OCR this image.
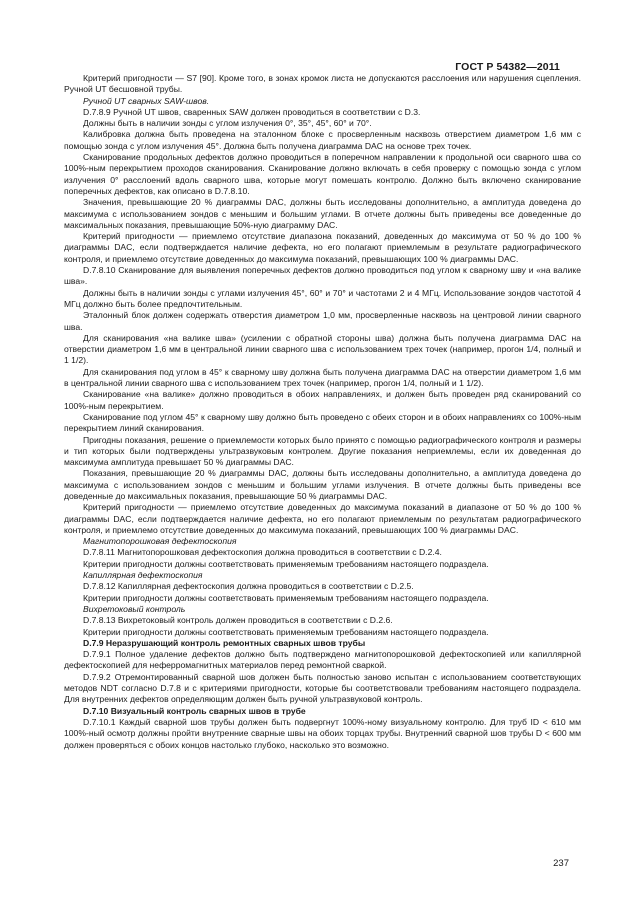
ГОСТ Р 54382—2011

Критерий пригодности — S7 [90]. Кроме того, в зонах кромок листа не допускаются расслоения или нарушения сцепления. Ручной UT бесшовной трубы.

Ручной UT сварных SAW-швов.

D.7.8.9 Ручной UT швов, сваренных SAW должен проводиться в соответствии с D.3.

Должны быть в наличии зонды с углом излучения 0°, 35°, 45°, 60° и 70°.

Калибровка должна быть проведена на эталонном блоке с просверленным насквозь отверстием диаметром 1,6 мм с помощью зонда с углом излучения 45°. Должна быть получена диаграмма DAC на основе трех точек.

Сканирование продольных дефектов должно проводиться в поперечном направлении к продольной оси сварного шва со 100%-ным перекрытием проходов сканирования. Сканирование должно включать в себя проверку с помощью зонда с углом излучения 0° расслоений вдоль сварного шва, которые могут помешать контролю. Должно быть включено сканирование поперечных дефектов, как описано в D.7.8.10.

Значения, превышающие 20 % диаграммы DAC, должны быть исследованы дополнительно, а амплитуда доведена до максимума с использованием зондов с меньшим и большим углами. В отчете должны быть приведены все доведенные до максимальных показания, превышающие 50%-ную диаграмму DAC.

Критерий пригодности — приемлемо отсутствие диапазона показаний, доведенных до максимума от 50 % до 100 % диаграммы DAC, если подтверждается наличие дефекта, но его полагают приемлемым в результате радиографического контроля, и приемлемо отсутствие доведенных до максимума показаний, превышающих 100 % диаграммы DAC.

D.7.8.10 Сканирование для выявления поперечных дефектов должно проводиться под углом к сварному шву и «на валике шва».

Должны быть в наличии зонды с углами излучения 45°, 60° и 70° и частотами 2 и 4 МГц. Использование зондов частотой 4 МГц должно быть более предпочтительным.

Эталонный блок должен содержать отверстия диаметром 1,0 мм, просверленные насквозь на центровой линии сварного шва.

Для сканирования «на валике шва» (усилении с обратной стороны шва) должна быть получена диаграмма DAC на отверстии диаметром 1,6 мм в центральной линии сварного шва с использованием трех точек (например, прогон 1/4, полный и 1 1/2).

Для сканирования под углом в 45° к сварному шву должна быть получена диаграмма DAC на отверстии диаметром 1,6 мм в центральной линии сварного шва с использованием трех точек (например, прогон 1/4, полный и 1 1/2).

Сканирование «на валике» должно проводиться в обоих направлениях, и должен быть проведен ряд сканирований со 100%-ным перекрытием.

Сканирование под углом 45° к сварному шву должно быть проведено с обеих сторон и в обоих направлениях со 100%-ным перекрытием линий сканирования.

Пригодны показания, решение о приемлемости которых было принято с помощью радиографического контроля и размеры и тип которых были подтверждены ультразвуковым контролем. Другие показания неприемлемы, если их доведенная до максимума амплитуда превышает 50 % диаграммы DAC.

Показания, превышающие 20 % диаграммы DAC, должны быть исследованы дополнительно, а амплитуда доведена до максимума с использованием зондов с меньшим и большим углами излучения. В отчете должны быть приведены все доведенные до максимальных показания, превышающие 50 % диаграммы DAC.

Критерий пригодности — приемлемо отсутствие доведенных до максимума показаний в диапазоне от 50 % до 100 % диаграммы DAC, если подтверждается наличие дефекта, но его полагают приемлемым по результатам радиографического контроля, и приемлемо отсутствие доведенных до максимума показаний, превышающих 100 % диаграммы DAC.

Магнитопорошковая дефектоскопия

D.7.8.11 Магнитопорошковая дефектоскопия должна проводиться в соответствии с D.2.4.

Критерии пригодности должны соответствовать применяемым требованиям настоящего подраздела.

Капиллярная дефектоскопия

D.7.8.12 Капиллярная дефектоскопия должна проводиться в соответствии с D.2.5.

Критерии пригодности должны соответствовать применяемым требованиям настоящего подраздела.

Вихретоковый контроль

D.7.8.13 Вихретоковый контроль должен проводиться в соответствии с D.2.6.

Критерии пригодности должны соответствовать применяемым требованиям настоящего подраздела.

D.7.9 Неразрушающий контроль ремонтных сварных швов трубы

D.7.9.1 Полное удаление дефектов должно быть подтверждено магнитопорошковой дефектоскопией или капиллярной дефектоскопией для неферромагнитных материалов перед ремонтной сваркой.

D.7.9.2 Отремонтированный сварной шов должен быть полностью заново испытан с использованием соответствующих методов NDT согласно D.7.8 и с критериями пригодности, которые бы соответствовали требованиям настоящего подраздела. Для внутренних дефектов определяющим должен быть ручной ультразвуковой контроль.

D.7.10 Визуальный контроль сварных швов в трубе

D.7.10.1 Каждый сварной шов трубы должен быть подвергнут 100%-ному визуальному контролю. Для труб ID < 610 мм 100%-ный осмотр должны пройти внутренние сварные швы на обоих торцах трубы. Внутренний сварной шов трубы D < 600 мм должен проверяться с обоих концов настолько глубоко, насколько это возможно.

237
